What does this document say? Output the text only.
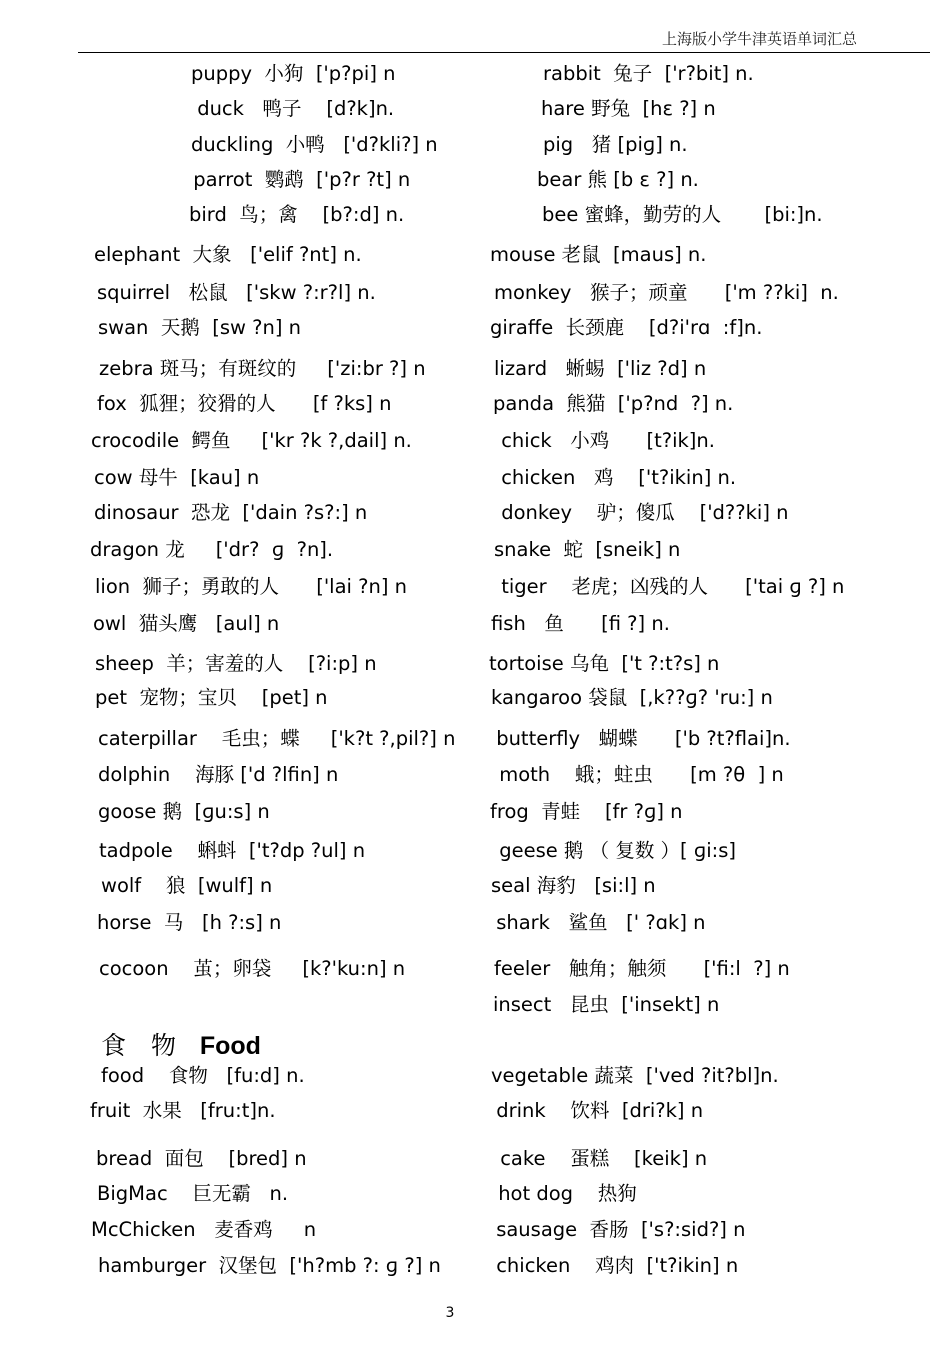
上海版小学牛津英语单词汇总
puppy  小狗  ['p?pi] n
duck   鸭子    [d?k]n.
duckling  小鸭   ['d?kli?] n
parrot  鹦鹉  ['p?r ?t] n
bird  鸟；禽    [b?:d] n.
elephant  大象   ['elif ?nt] n.
squirrel   松鼠   ['skw ?:r?l] n.
swan  天鹅  [sw ?n] n
zebra 斑马；有斑纹的     ['zi:br ?] n
fox  狐狸；狡猾的人      [f ?ks] n
crocodile  鳄鱼     ['kr ?k ?,dail] n.
cow 母牛  [kau] n
dinosaur  恐龙  ['dain ?s?:] n
dragon 龙     ['dr?  ɡ  ?n].
lion  狮子；勇敢的人      ['lai ?n] n
owl  猫头鹰   [aul] n
sheep  羊；害羞的人    [?i:p] n
pet  宠物；宝贝    [pet] n
caterpillar    毛虫；蝶     ['k?t ?,pil?] n
dolphin    海豚 ['d ?lfin] n
goose 鹅  [ɡu:s] n
tadpole    蝌蚪  ['t?dp ?ul] n
wolf    狼  [wulf] n
horse  马   [h ?:s] n
cocoon    茧；卵袋     [k?'ku:n] n
食　物 Food
food    食物   [fu:d] n.
fruit  水果   [fru:t]n.
bread  面包    [bred] n
BigMac    巨无霸   n.
McChicken   麦香鸡     n
hamburger  汉堡包  ['h?mb ?: ɡ ?] n
rabbit  兔子  ['r?bit] n.
hare 野兔  [hε ?] n
pig   猪 [piɡ] n.
bear 熊 [b ε ?] n.
bee 蜜蜂，勤劳的人       [bi:]n.
mouse 老鼠  [maus] n.
monkey   猴子；顽童      ['m ??ki]  n.
giraffe  长颈鹿    [d?i'rɑ  :f]n.
lizard   蜥蜴  ['liz ?d] n
panda  熊猫  ['p?nd  ?] n.
chick   小鸡      [t?ik]n.
chicken   鸡    ['t?ikin] n.
donkey    驴；傻瓜    ['d??ki] n
snake  蛇  [sneik] n
tiger    老虎；凶残的人      ['tai ɡ ?] n
fish   鱼      [fi ?] n.
tortoise 乌龟  ['t ?:t?s] n
kangaroo 袋鼠  [,k??ɡ? 'ru:] n
butterfly   蝴蝶      ['b ?t?flai]n.
moth    蛾；蛀虫      [m ?θ  ] n
frog  青蛙    [fr ?ɡ] n
geese 鹅 （ 复数 ）[ ɡi:s]
seal 海豹   [si:l] n
shark   鲨鱼   [' ?ɑk] n
feeler   触角；触须      ['fi:l  ?] n
insect   昆虫  ['insekt] n
vegetable 蔬菜  ['ved ?it?bl]n.
drink    饮料  [dri?k] n
cake    蛋糕    [keik] n
hot dog    热狗
sausage  香肠  ['s?:sid?] n
chicken    鸡肉  ['t?ikin] n
3
